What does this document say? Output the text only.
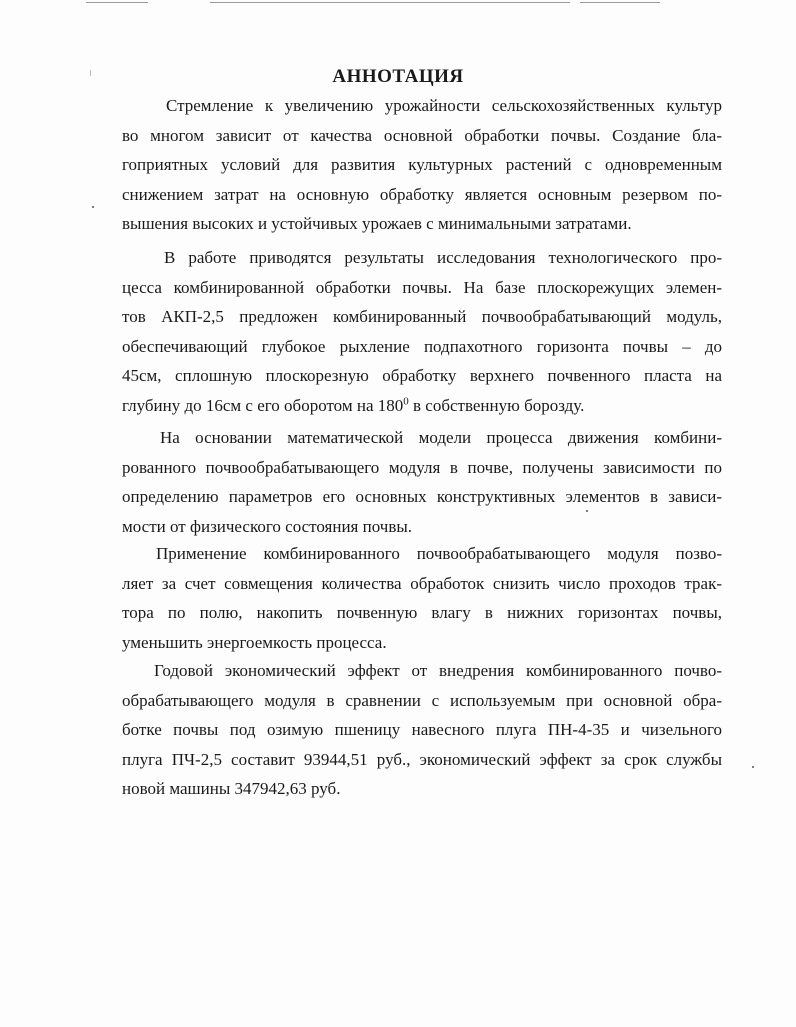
АННОТАЦИЯ
Стремление к увеличению урожайности сельскохозяйственных культур
во многом зависит от качества основной обработки почвы. Создание бла-
гоприятных условий для развития культурных растений с одновременным
снижением затрат на основную обработку является основным резервом по-
вышения высоких и устойчивых урожаев с минимальными затратами.
В работе приводятся результаты исследования технологического про-
цесса комбинированной обработки почвы. На базе плоскорежущих элемен-
тов АКП-2,5 предложен комбинированный почвообрабатывающий модуль,
обеспечивающий глубокое рыхление подпахотного горизонта почвы – до
45см, сплошную плоскорезную обработку верхнего почвенного пласта на
глубину до 16см с его оборотом на $180^0$ в собственную борозду.
На основании математической модели процесса движения комбини-
рованного почвообрабатывающего модуля в почве, получены зависимости по
определению параметров его основных конструктивных элементов в зависи-
мости от физического состояния почвы.
Применение комбинированного почвообрабатывающего модуля позво-
ляет за счет совмещения количества обработок снизить число проходов трак-
тора по полю, накопить почвенную влагу в нижних горизонтах почвы,
уменьшить энергоемкость процесса.
Годовой экономический эффект от внедрения комбинированного почво-
обрабатывающего модуля в сравнении с используемым при основной обра-
ботке почвы под озимую пшеницу навесного плуга ПН-4-35 и чизельного
плуга ПЧ-2,5 составит 93944,51 руб., экономический эффект за срок службы
новой машины 347942,63 руб.
